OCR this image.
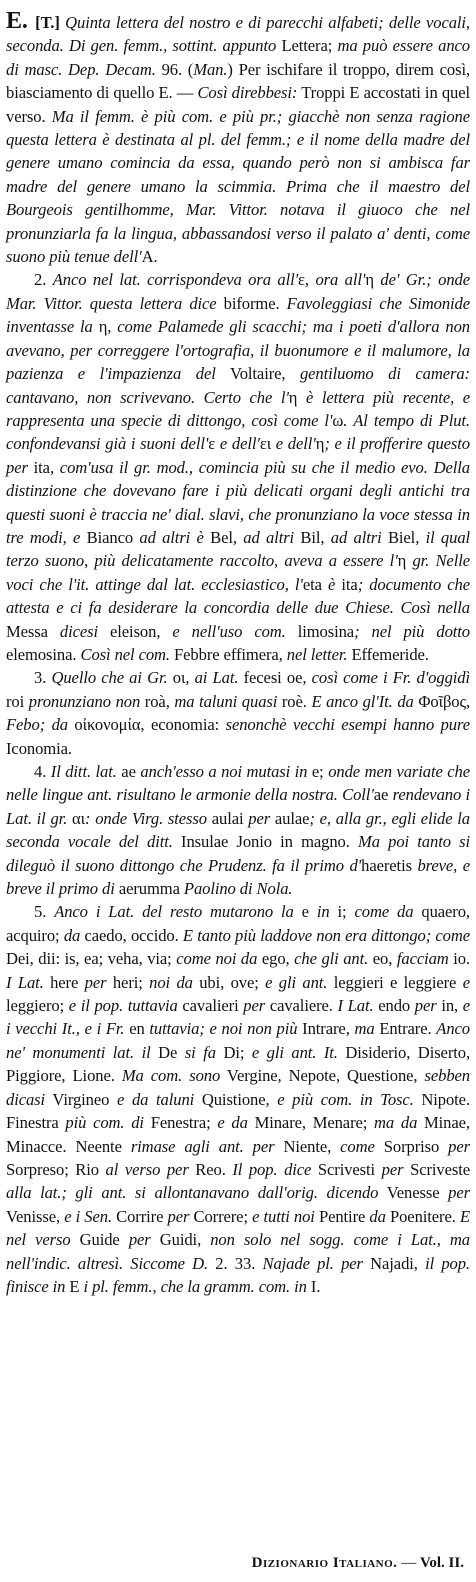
E. [T.] Quinta lettera del nostro e di parecchi alfabeti; delle vocali, seconda. Di gen. femm., sottint. appunto Lettera; ma può essere anco di masc. Dep. Decam. 96. (Man.) Per ischifare il troppo, direm così, biasciamento di quello E. — Così direbbesi: Troppi E accostati in quel verso. Ma il femm. è più com. e più pr.; giacchè non senza ragione questa lettera è destinata al pl. del femm.; e il nome della madre del genere umano comincia da essa, quando però non si ambisca far madre del genere umano la scimmia. Prima che il maestro del Bourgeois gentilhomme, Mar. Vittor. notava il giuoco che nel pronunziarla fa la lingua, abbassandosi verso il palato a' denti, come suono più tenue dell'A.

2. Anco nel lat. corrispondeva ora all'ε, ora all'η de' Gr.; onde Mar. Vittor. questa lettera dice biforme. Favoleggiasi che Simonide inventasse la η, come Palamede gli scacchi; ma i poeti d'allora non avevano, per correggere l'ortografia, il buonumore e il malumore, la pazienza e l'impazienza del Voltaire, gentiluomo di camera: cantavano, non scrivevano. Certo che l'η è lettera più recente, e rappresenta una specie di dittongo, così come l'ω. Al tempo di Plut. confondevansi già i suoni dell'ε e dell'ει e dell'η; e il profferire questo per ita, com'usa il gr. mod., comincia più su che il medio evo. Della distinzione che dovevano fare i più delicati organi degli antichi tra questi suoni è traccia ne' dial. slavi, che pronunziano la voce stessa in tre modi, e Bianco ad altri è Bel, ad altri Bil, ad altri Biel, il qual terzo suono, più delicatamente raccolto, aveva a essere l'η gr. Nelle voci che l'it. attinge dal lat. ecclesiastico, l'eta è ita; documento che attesta e ci fa desiderare la concordia delle due Chiese. Così nella Messa dicesi eleison, e nell'uso com. limosina; nel più dotto elemosina. Così nel com. Febbre effimera, nel letter. Effemeride.

3. Quello che ai Gr. οι, ai Lat. fecesi oe, così come i Fr. d'oggidì roi pronunziano non roà, ma taluni quasi roè. E anco gl'It. da Φοῖβος, Febo; da οἰκονομία, economia: senonchè vecchi esempi hanno pure Iconomia.

4. Il ditt. lat. ae anch'esso a noi mutasi in e; onde men variate che nelle lingue ant. risultano le armonie della nostra. Coll'ae rendevano i Lat. il gr. αι: onde Virg. stesso aulai per aulae; e, alla gr., egli elide la seconda vocale del ditt. Insulae Jonio in magno. Ma poi tanto si dileguò il suono dittongo che Prudenz. fa il primo d'haeretis breve, e breve il primo di aerumma Paolino di Nola.

5. Anco i Lat. del resto mutarono la e in i; come da quaero, acquiro; da caedo, occido. E tanto più laddove non era dittongo; come Dei, dii: is, ea; veha, via; come noi da ego, che gli ant. eo, facciam io. I Lat. here per heri; noi da ubi, ove; e gli ant. leggieri e leggiere e leggiero; e il pop. tuttavia cavalieri per cavaliere. I Lat. endo per in, e i vecchi It., e i Fr. en tuttavia; e noi non più Intrare, ma Entrare. Anco ne' monumenti lat. il De si fa Di; e gli ant. It. Disiderio, Diserto, Piggiore, Lione. Ma com. sono Vergine, Nepote, Questione, sebben dicasi Virgineo e da taluni Quistione, e più com. in Tosc. Nipote. Finestra più com. di Fenestra; e da Minare, Menare; ma da Minae, Minacce. Neente rimase agli ant. per Niente, come Sorpriso per Sorpreso; Rio al verso per Reo. Il pop. dice Scrivesti per Scriveste alla lat.; gli ant. si allontanavano dall'orig. dicendo Venesse per Venisse, e i Sen. Corrire per Correre; e tutti noi Pentire da Poenitere. E nel verso Guide per Guidi, non solo nel sogg. come i Lat., ma nell'indic. altresì. Siccome D. 2. 33. Najade pl. per Najadi, il pop. finisce in E i pl. femm., che la gramm. com. in I.

Dizionario Italiano. — Vol. II.
